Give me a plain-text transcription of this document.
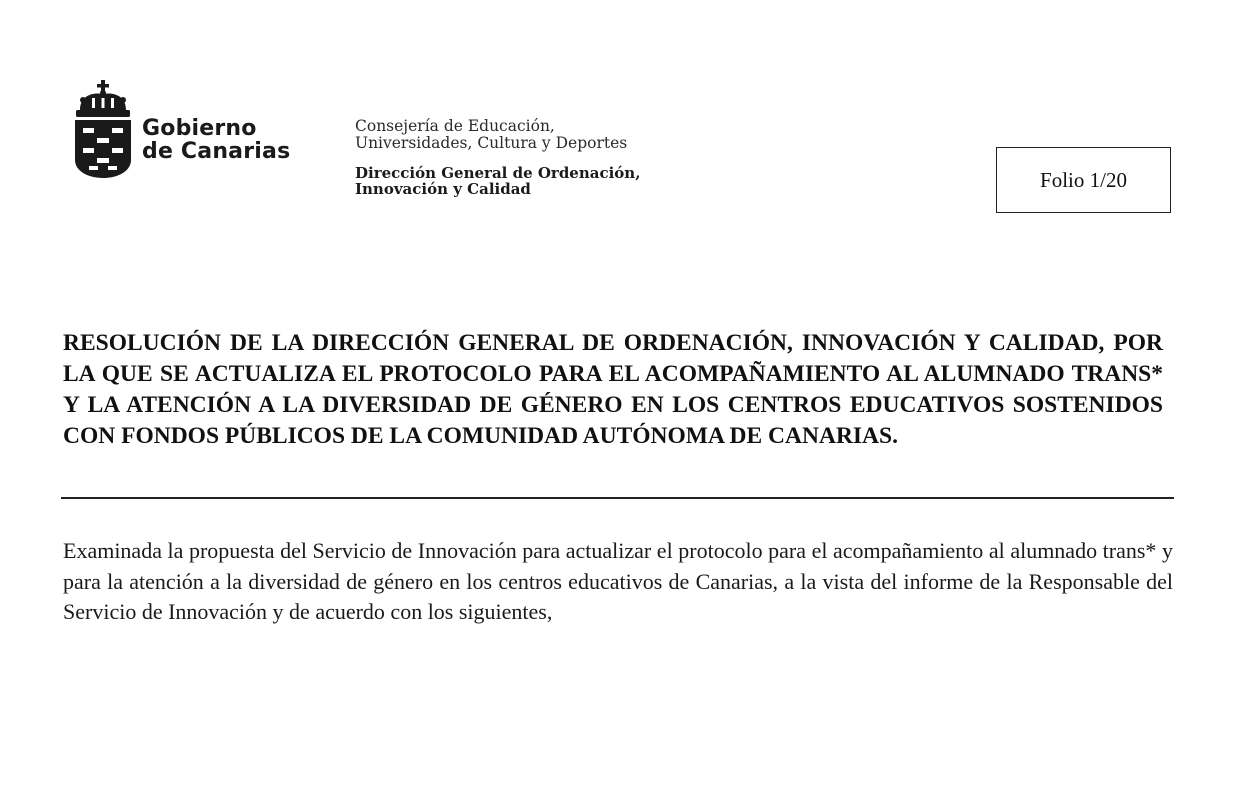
Gobierno
de Canarias
Consejería de Educación,
Universidades, Cultura y Deportes
Dirección General de Ordenación,
Innovación y Calidad	Folio 1/20
RESOLUCIÓN DE LA DIRECCIÓN GENERAL DE ORDENACIÓN, INNOVACIÓN Y CALIDAD, POR LA QUE SE ACTUALIZA EL PROTOCOLO PARA EL ACOMPAÑAMIENTO AL ALUMNADO TRANS* Y LA ATENCIÓN A LA DIVERSIDAD DE GÉNERO EN LOS CENTROS EDUCATIVOS SOSTENIDOS CON FONDOS PÚBLICOS DE LA COMUNIDAD AUTÓNOMA DE CANARIAS.

Examinada la propuesta del Servicio de Innovación para actualizar el protocolo para el acompañamiento al alumnado trans* y para la atención a la diversidad de género en los centros educativos de Canarias, a la vista del informe de la Responsable del Servicio de Innovación y de acuerdo con los siguientes,
